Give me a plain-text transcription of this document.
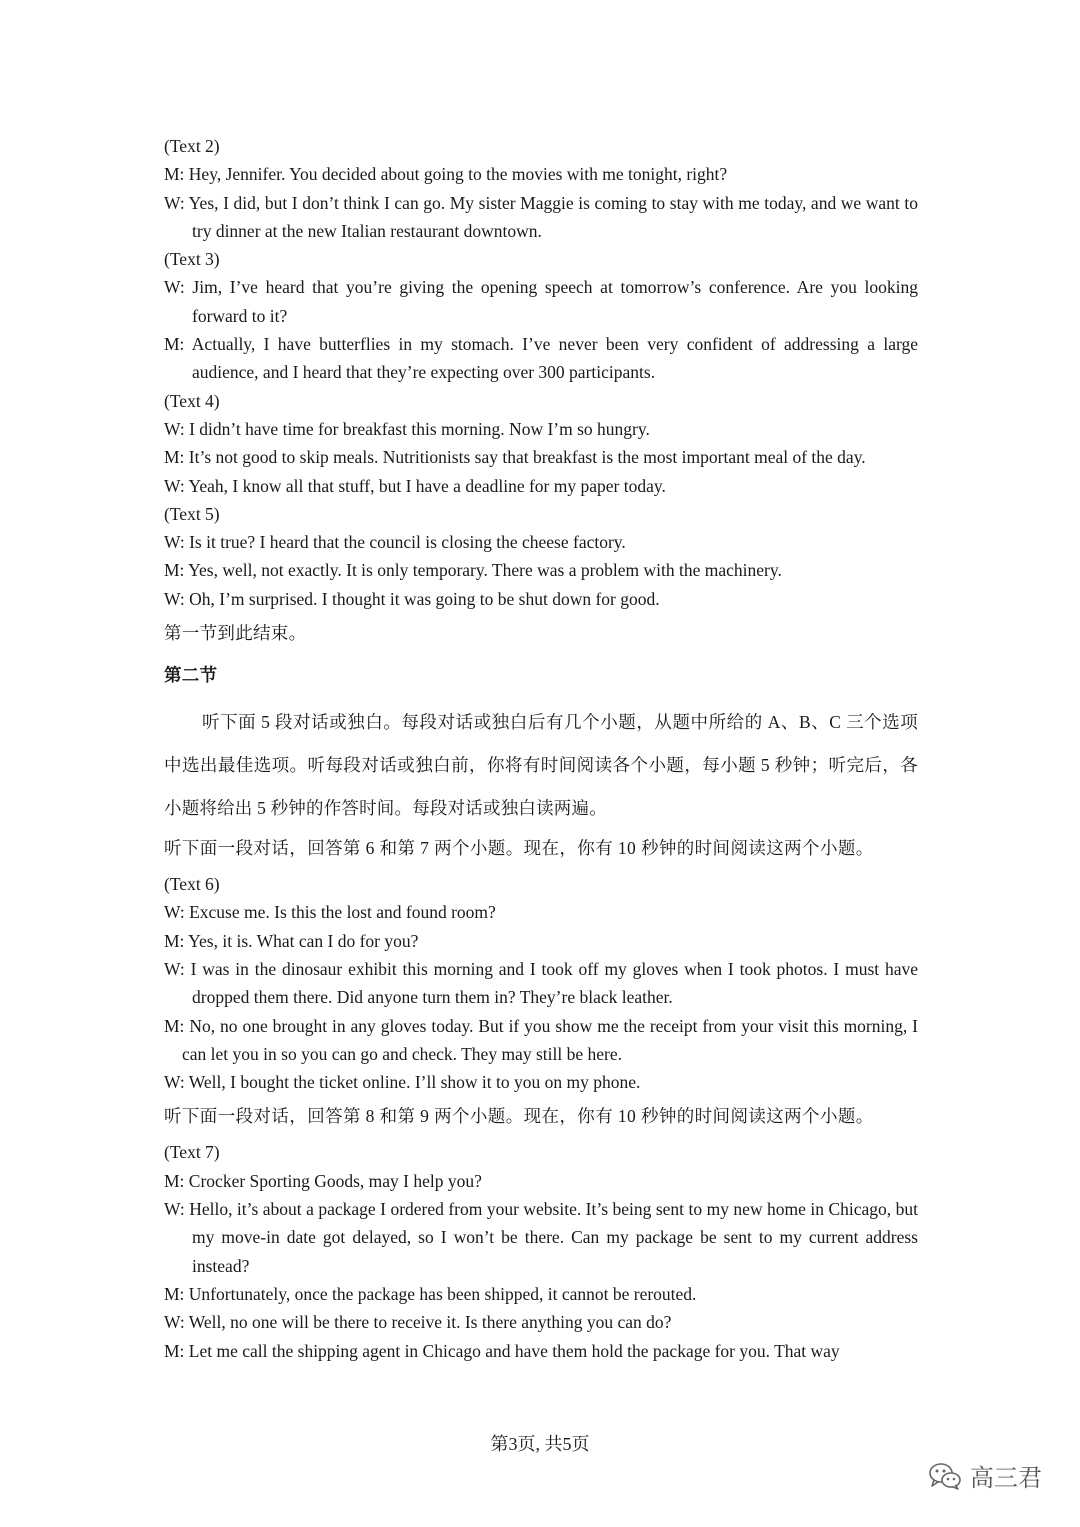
(Text 2)

M: Hey, Jennifer. You decided about going to the movies with me tonight, right?

W: Yes, I did, but I don’t think I can go. My sister Maggie is coming to stay with me today, and we want to try dinner at the new Italian restaurant downtown.

(Text 3)

W: Jim, I’ve heard that you’re giving the opening speech at tomorrow’s conference. Are you looking forward to it?

M: Actually, I have butterflies in my stomach. I’ve never been very confident of addressing a large audience, and I heard that they’re expecting over 300 participants.

(Text 4)

W: I didn’t have time for breakfast this morning. Now I’m so hungry.

M: It’s not good to skip meals. Nutritionists say that breakfast is the most important meal of the day.

W: Yeah, I know all that stuff, but I have a deadline for my paper today.

(Text 5)

W: Is it true? I heard that the council is closing the cheese factory.

M: Yes, well, not exactly. It is only temporary. There was a problem with the machinery.

W: Oh, I’m surprised. I thought it was going to be shut down for good.

第一节到此结束。

第二节

听下面 5 段对话或独白。每段对话或独白后有几个小题，从题中所给的 A、B、C 三个选项中选出最佳选项。听每段对话或独白前，你将有时间阅读各个小题，每小题 5 秒钟；听完后，各小题将给出 5 秒钟的作答时间。每段对话或独白读两遍。

听下面一段对话，回答第 6 和第 7 两个小题。现在，你有 10 秒钟的时间阅读这两个小题。

(Text 6)

W: Excuse me. Is this the lost and found room?

M: Yes, it is. What can I do for you?

W: I was in the dinosaur exhibit this morning and I took off my gloves when I took photos. I must have dropped them there. Did anyone turn them in? They’re black leather.

M: No, no one brought in any gloves today. But if you show me the receipt from your visit this morning, I can let you in so you can go and check. They may still be here.

W: Well, I bought the ticket online. I’ll show it to you on my phone.

听下面一段对话，回答第 8 和第 9 两个小题。现在，你有 10 秒钟的时间阅读这两个小题。

(Text 7)

M: Crocker Sporting Goods, may I help you?

W: Hello, it’s about a package I ordered from your website. It’s being sent to my new home in Chicago, but my move-in date got delayed, so I won’t be there. Can my package be sent to my current address instead?

M: Unfortunately, once the package has been shipped, it cannot be rerouted.

W: Well, no one will be there to receive it. Is there anything you can do?

M: Let me call the shipping agent in Chicago and have them hold the package for you. That way

第3页, 共5页
高三君
